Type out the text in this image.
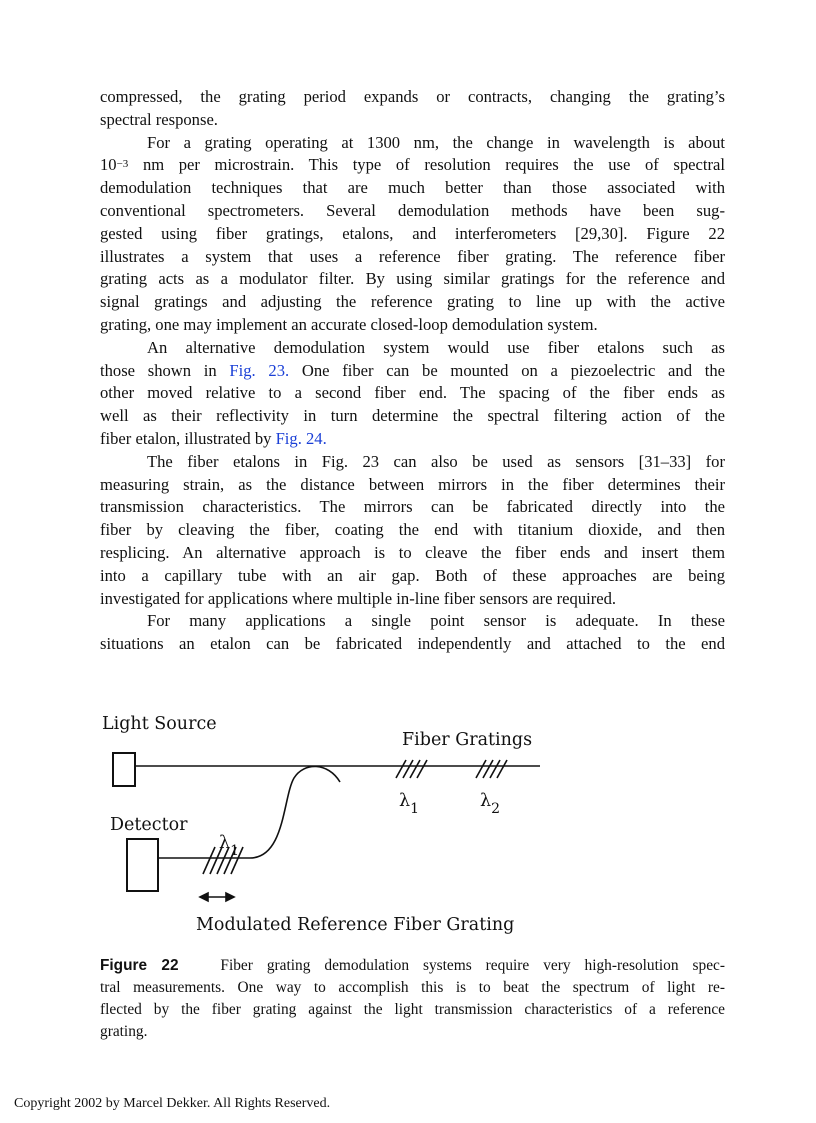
compressed, the grating period expands or contracts, changing the grating’s
spectral response.
For a grating operating at 1300 nm, the change in wavelength is about
$10^{-3}$ nm per microstrain. This type of resolution requires the use of spectral
demodulation techniques that are much better than those associated with
conventional spectrometers. Several demodulation methods have been sug-
gested using fiber gratings, etalons, and interferometers [29,30]. Figure 22
illustrates a system that uses a reference fiber grating. The reference fiber
grating acts as a modulator filter. By using similar gratings for the reference and
signal gratings and adjusting the reference grating to line up with the active
grating, one may implement an accurate closed-loop demodulation system.
An alternative demodulation system would use fiber etalons such as
those shown in Fig. 23. One fiber can be mounted on a piezoelectric and the
other moved relative to a second fiber end. The spacing of the fiber ends as
well as their reflectivity in turn determine the spectral filtering action of the
fiber etalon, illustrated by Fig. 24.
The fiber etalons in Fig. 23 can also be used as sensors [31–33] for
measuring strain, as the distance between mirrors in the fiber determines their
transmission characteristics. The mirrors can be fabricated directly into the
fiber by cleaving the fiber, coating the end with titanium dioxide, and then
resplicing. An alternative approach is to cleave the fiber ends and insert them
into a capillary tube with an air gap. Both of these approaches are being
investigated for applications where multiple in-line fiber sensors are required.
For many applications a single point sensor is adequate. In these
situations an etalon can be fabricated independently and attached to the end
Light Source
Fiber Gratings
$\lambda_1$	$\lambda_2$
Detector
$\lambda_1$
Modulated Reference Fiber Grating
Figure 22	Fiber grating demodulation systems require very high-resolution spec-
tral measurements. One way to accomplish this is to beat the spectrum of light re-
flected by the fiber grating against the light transmission characteristics of a reference
grating.
Copyright 2002 by Marcel Dekker. All Rights Reserved.
